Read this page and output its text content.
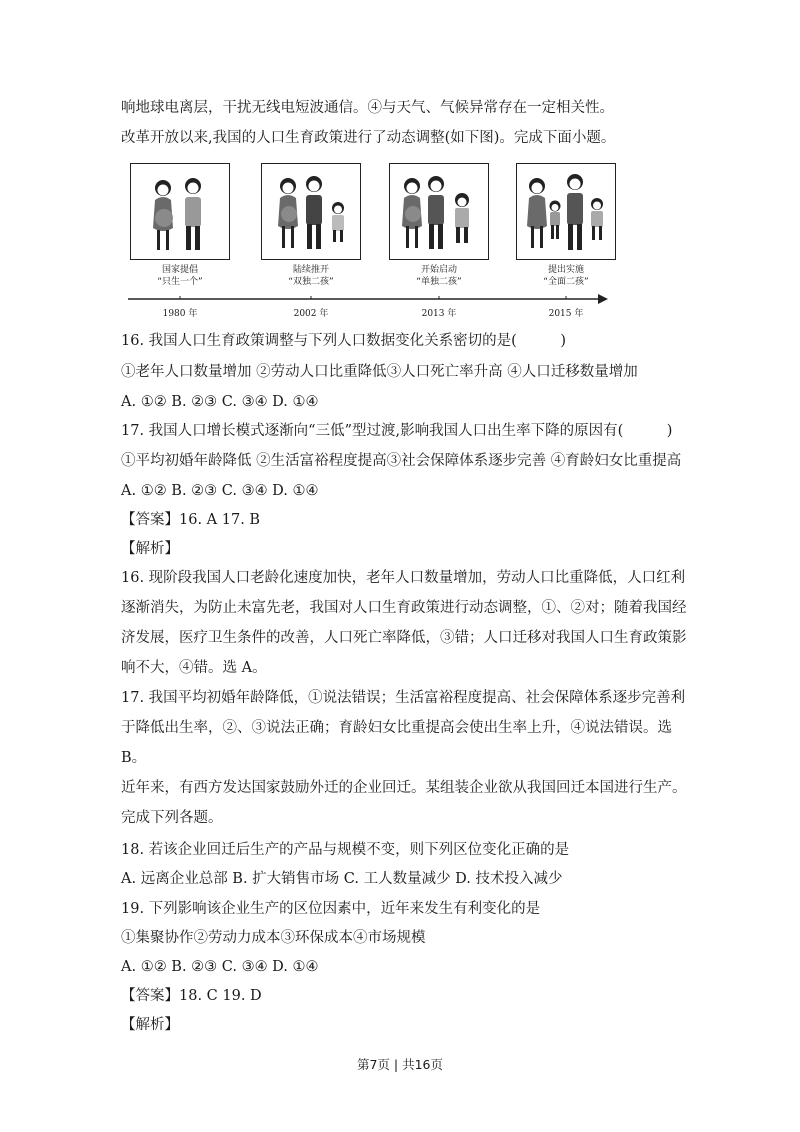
响地球电离层，干扰无线电短波通信。④与天气、气候异常存在一定相关性。
改革开放以来,我国的人口生育政策进行了动态调整(如下图)。完成下面小题。
国家提倡
“只生一个”
陆续推开
“双独二孩”
开始启动
“单独二孩”
提出实施
“全面二孩”
1980 年	2002 年	2013 年	2015 年
16. 我国人口生育政策调整与下列人口数据变化关系密切的是(　　　)
①老年人口数量增加 ②劳动人口比重降低③人口死亡率升高 ④人口迁移数量增加
A. ①② B. ②③ C. ③④ D. ①④
17. 我国人口增长模式逐渐向“三低”型过渡,影响我国人口出生率下降的原因有(　　　)
①平均初婚年龄降低 ②生活富裕程度提高③社会保障体系逐步完善 ④育龄妇女比重提高
A. ①② B. ②③ C. ③④ D. ①④
【答案】16. A 17. B
【解析】
16. 现阶段我国人口老龄化速度加快，老年人口数量增加，劳动人口比重降低，人口红利
逐渐消失，为防止未富先老，我国对人口生育政策进行动态调整，①、②对；随着我国经
济发展，医疗卫生条件的改善，人口死亡率降低，③错；人口迁移对我国人口生育政策影
响不大，④错。选 A。
17. 我国平均初婚年龄降低，①说法错误；生活富裕程度提高、社会保障体系逐步完善利
于降低出生率，②、③说法正确；育龄妇女比重提高会使出生率上升，④说法错误。选
B。
近年来，有西方发达国家鼓励外迁的企业回迁。某组装企业欲从我国回迁本国进行生产。
完成下列各题。
18. 若该企业回迁后生产的产品与规模不变，则下列区位变化正确的是
A. 远离企业总部 B. 扩大销售市场 C. 工人数量减少 D. 技术投入减少
19. 下列影响该企业生产的区位因素中，近年来发生有利变化的是
①集聚协作②劳动力成本③环保成本④市场规模
A. ①② B. ②③ C. ③④ D. ①④
【答案】18. C 19. D
【解析】
第7页 | 共16页
